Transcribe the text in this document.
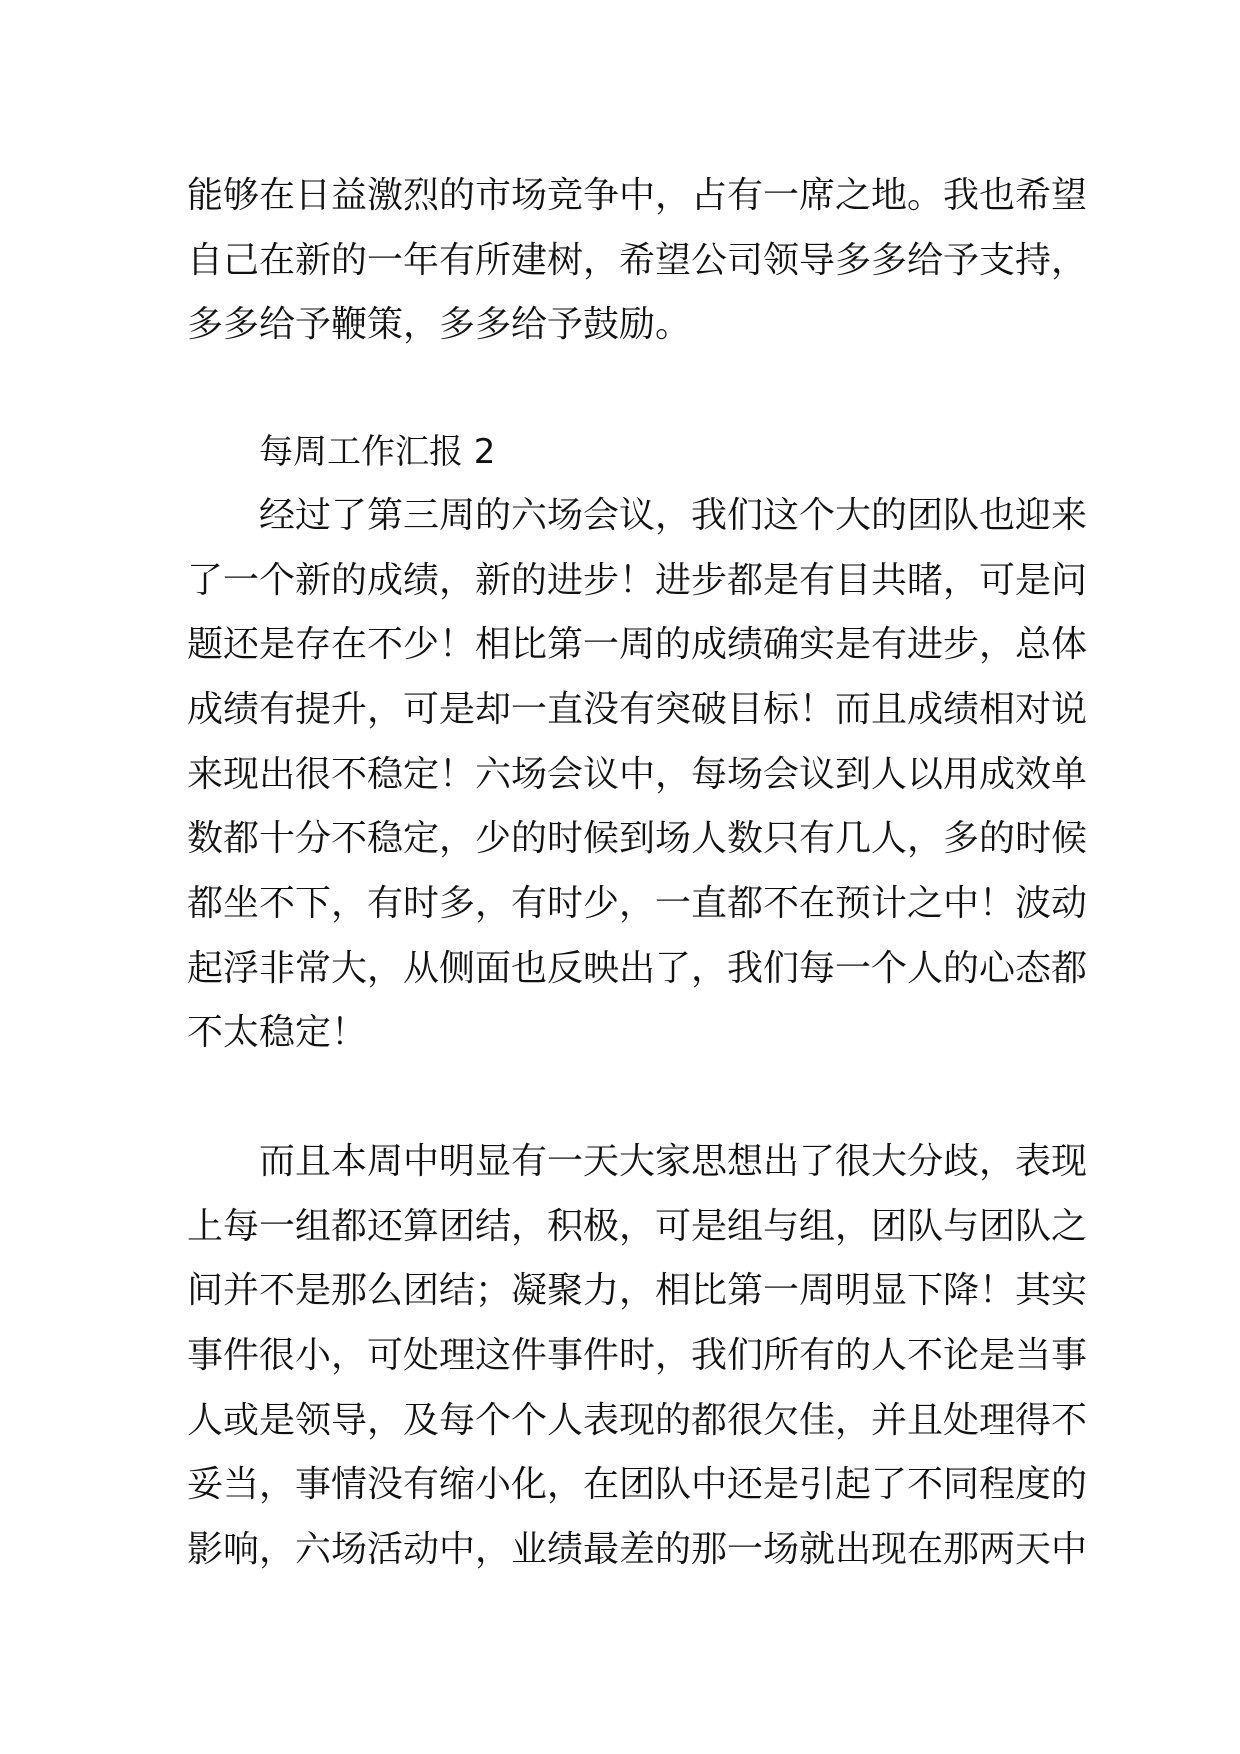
能够在日益激烈的市场竞争中，占有一席之地。我也希望
自己在新的一年有所建树，希望公司领导多多给予支持，
多多给予鞭策，多多给予鼓励。
每周工作汇报 2
经过了第三周的六场会议，我们这个大的团队也迎来
了一个新的成绩，新的进步！进步都是有目共睹，可是问
题还是存在不少！相比第一周的成绩确实是有进步，总体
成绩有提升，可是却一直没有突破目标！而且成绩相对说
来现出很不稳定！六场会议中，每场会议到人以用成效单
数都十分不稳定，少的时候到场人数只有几人，多的时候
都坐不下，有时多，有时少，一直都不在预计之中！波动
起浮非常大，从侧面也反映出了，我们每一个人的心态都
不太稳定！
而且本周中明显有一天大家思想出了很大分歧，表现
上每一组都还算团结，积极，可是组与组，团队与团队之
间并不是那么团结；凝聚力，相比第一周明显下降！其实
事件很小，可处理这件事件时，我们所有的人不论是当事
人或是领导，及每个个人表现的都很欠佳，并且处理得不
妥当，事情没有缩小化，在团队中还是引起了不同程度的
影响，六场活动中，业绩最差的那一场就出现在那两天中
